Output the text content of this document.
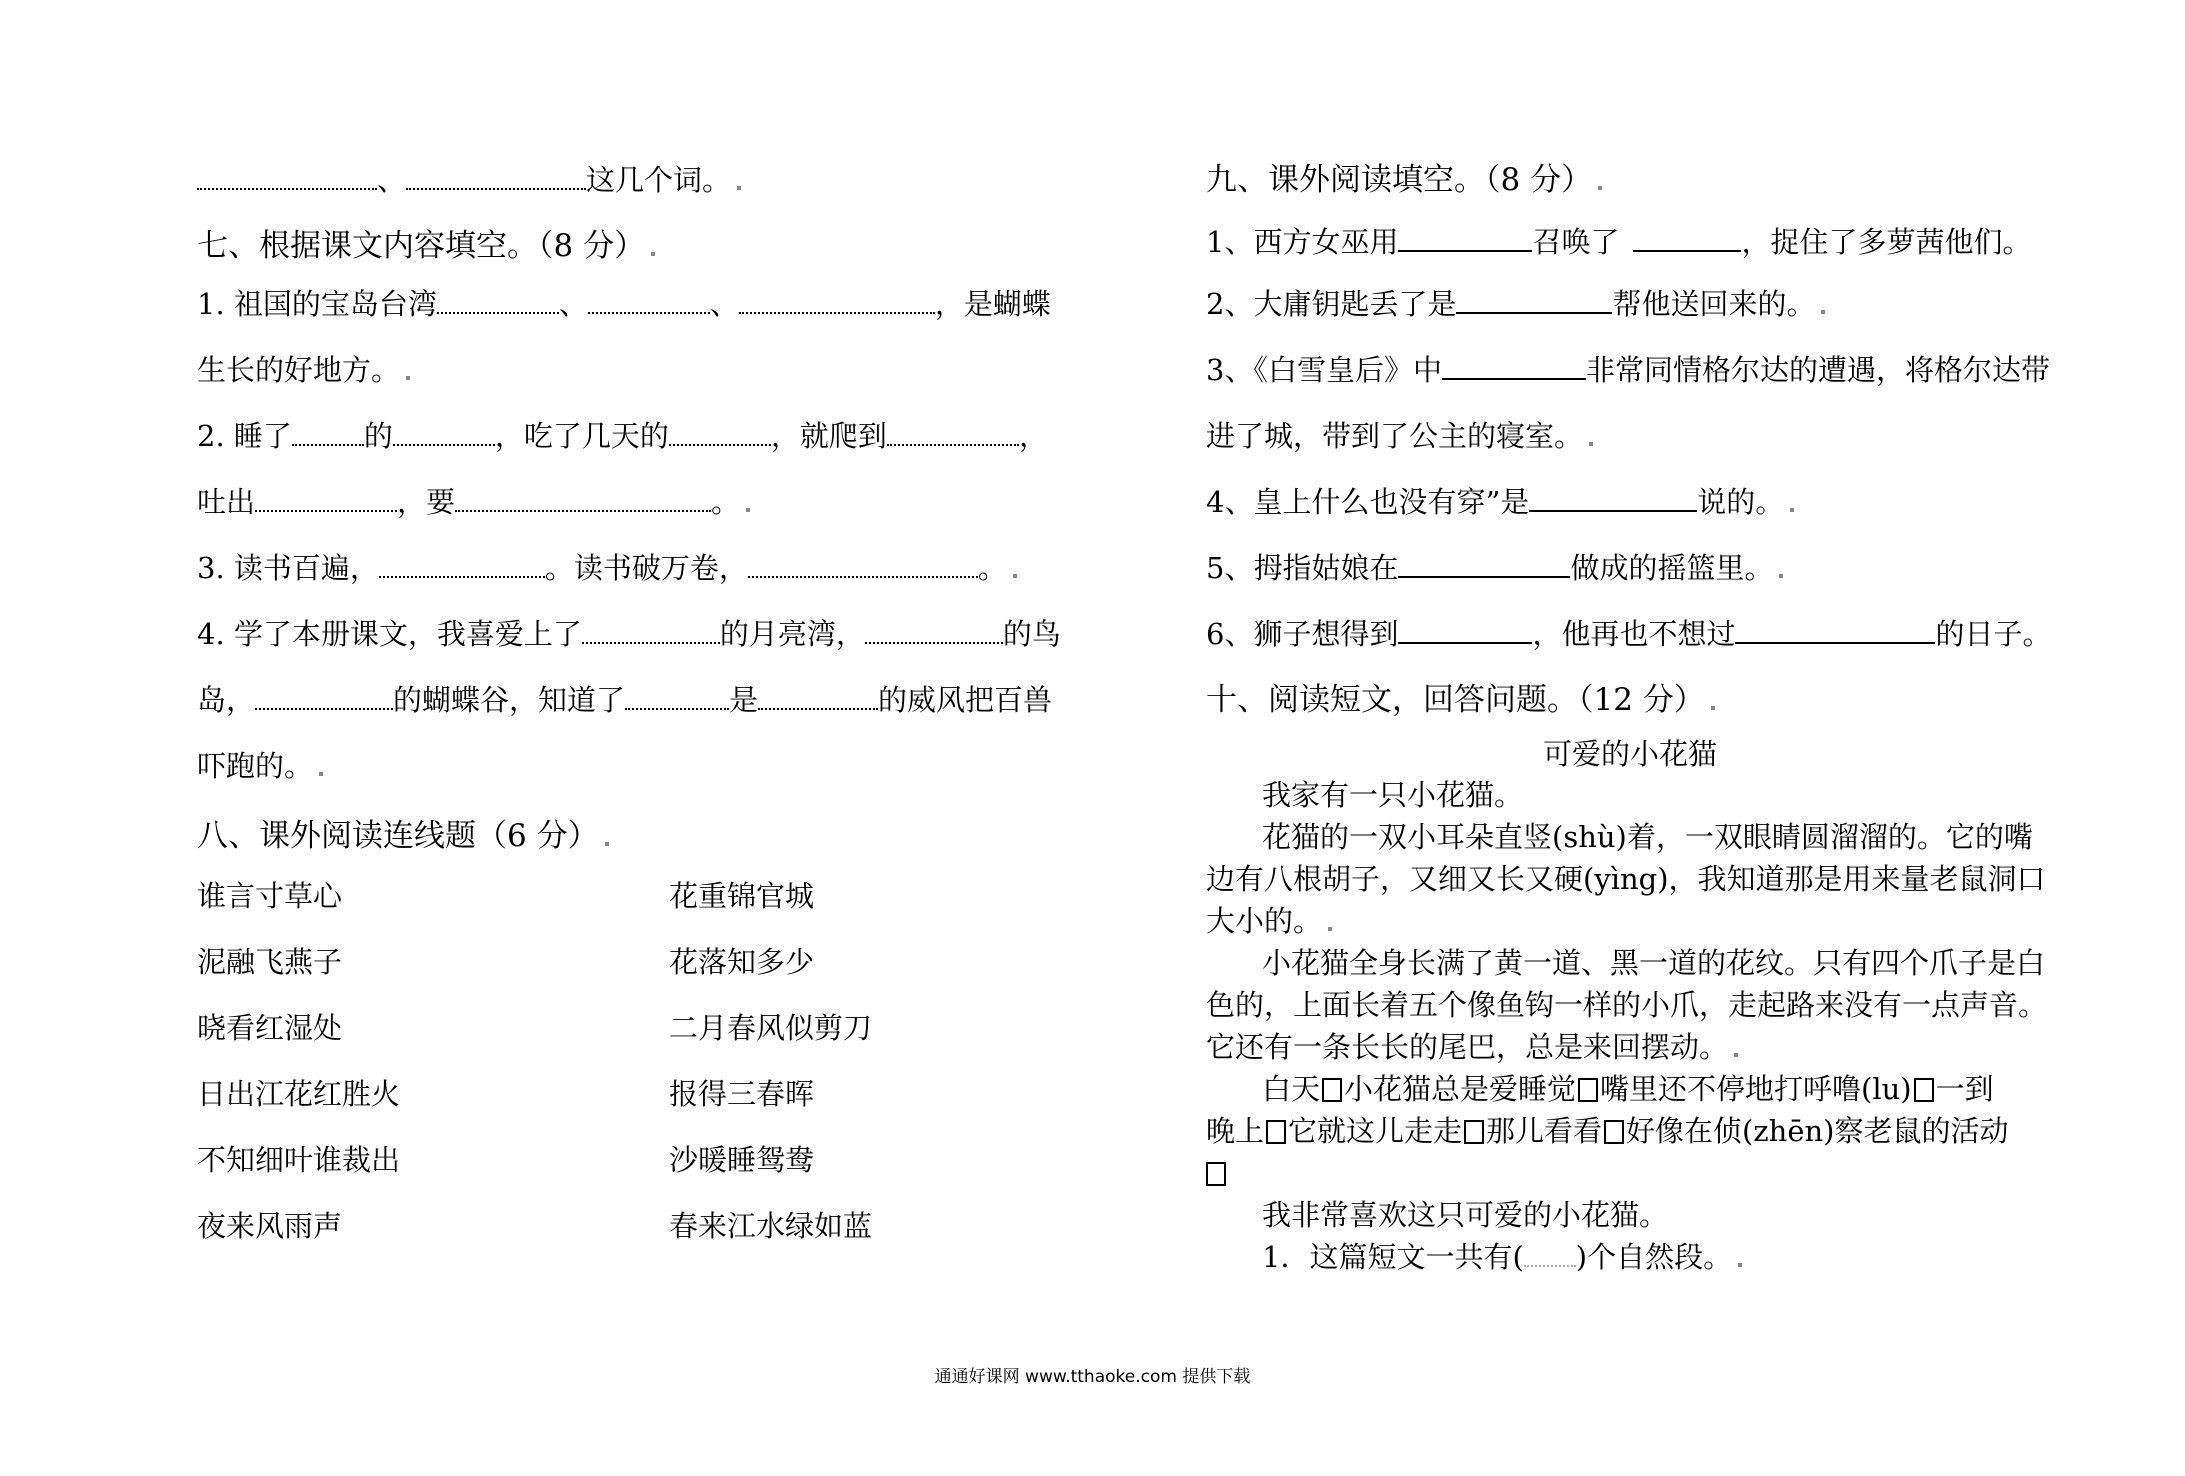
、	这几个词。
七、根据课文内容填空。（8 分）
1. 祖国的宝岛台湾	、	、	，是蝴蝶
生长的好地方。
2. 睡了 的	，吃了几天的	，就爬到	，
吐出	，要	。
3. 读书百遍，	。读书破万卷，	。
4. 学了本册课文，我喜爱上了	的月亮湾，	的鸟
岛，	的蝴蝶谷，知道了	是	的威风把百兽
吓跑的。
八、课外阅读连线题（6 分）
谁言寸草心
泥融飞燕子
晓看红湿处
日出江花红胜火
不知细叶谁裁出
夜来风雨声
花重锦官城
花落知多少
二月春风似剪刀
报得三春晖
沙暖睡鸳鸯
春来江水绿如蓝
九、课外阅读填空。（8 分）
1、西方女巫用	召唤了	，捉住了多萝茜他们。
2、大庸钥匙丢了是	帮他送回来的。
3、《白雪皇后》中	非常同情格尔达的遭遇，将格尔达带
进了城，带到了公主的寝室。
4、皇上什么也没有穿”是	说的。
5、拇指姑娘在	做成的摇篮里。
6、狮子想得到	，他再也不想过	的日子。
十、阅读短文，回答问题。（12 分）
可爱的小花猫
我家有一只小花猫。
花猫的一双小耳朵直竖(shù)着，一双眼睛圆溜溜的。它的嘴
边有八根胡子，又细又长又硬(yìng)，我知道那是用来量老鼠洞口
大小的。
小花猫全身长满了黄一道、黑一道的花纹。只有四个爪子是白
色的，上面长着五个像鱼钩一样的小爪，走起路来没有一点声音。
它还有一条长长的尾巴，总是来回摆动。
白天 小花猫总是爱睡觉 嘴里还不停地打呼噜(lu) 一到
晚上 它就这儿走走 那儿看看 好像在侦(zhēn)察老鼠的活动
我非常喜欢这只可爱的小花猫。
1．这篇短文一共有( )个自然段。
通通好课网 www.tthaoke.com 提供下载
